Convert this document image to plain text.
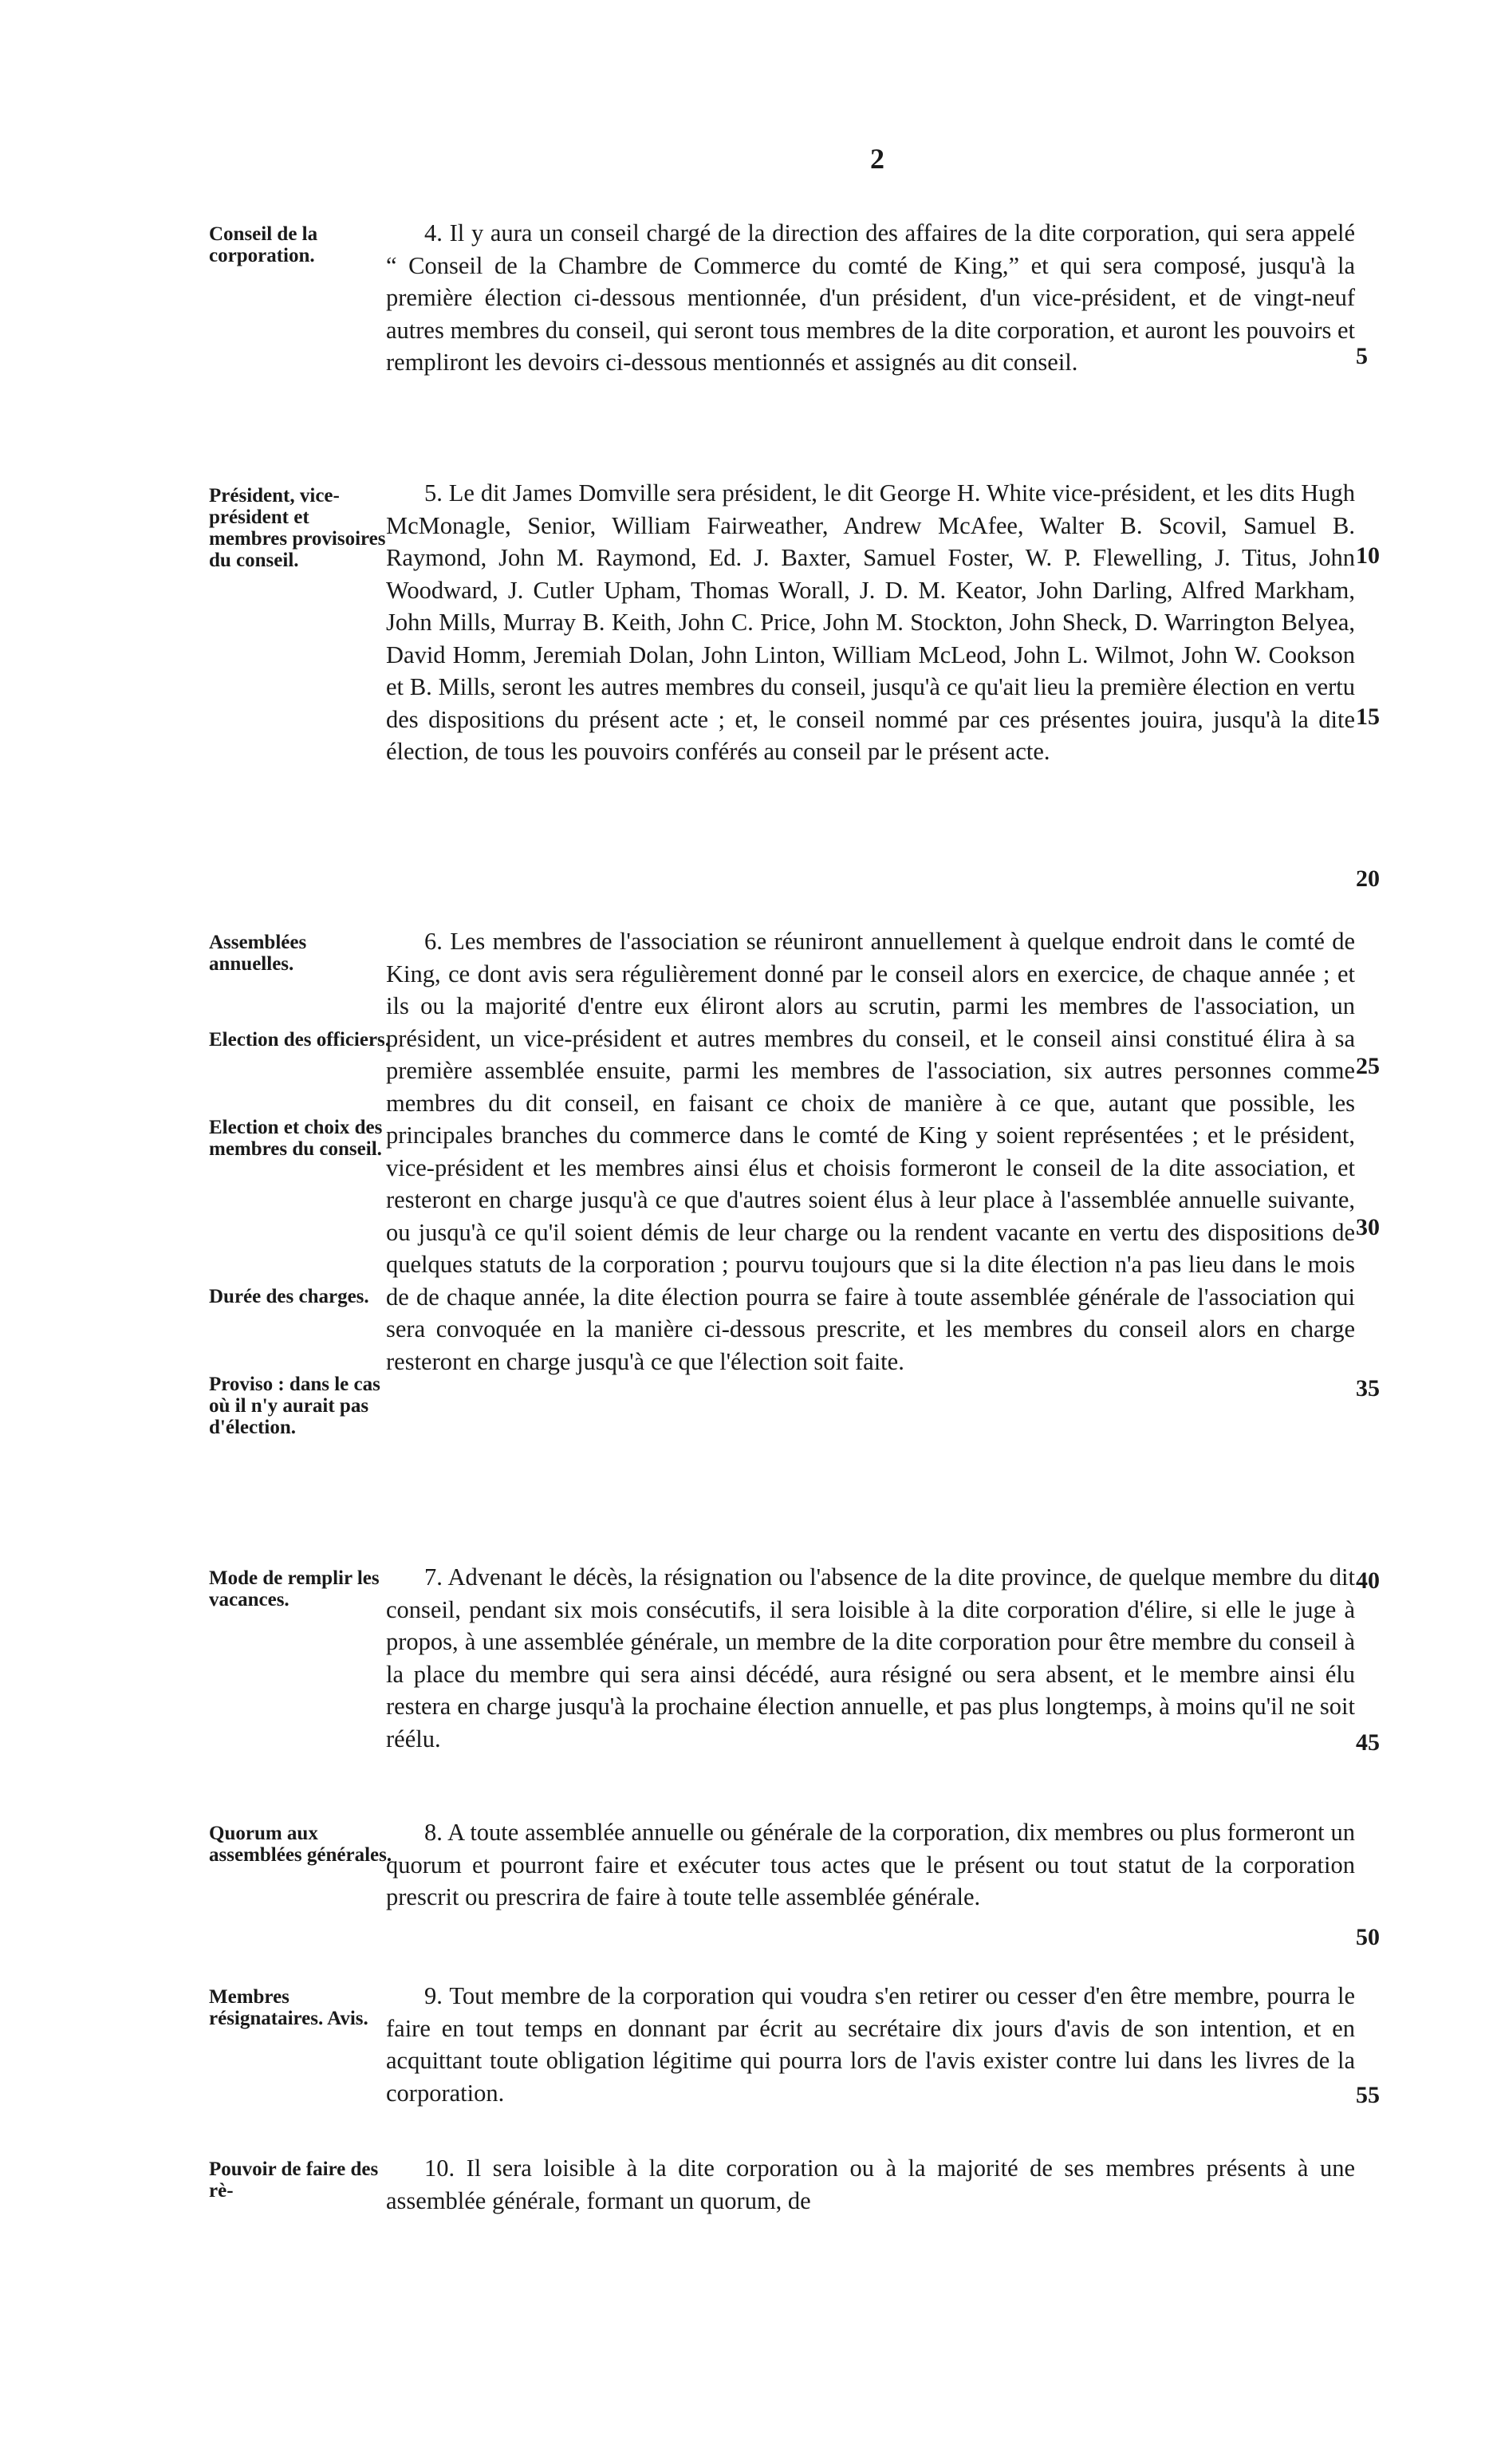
2
Conseil de la corporation.

4. Il y aura un conseil chargé de la direction des affaires de la dite corporation, qui sera appelé “ Conseil de la Chambre de Commerce du comté de King,” et qui sera composé, jusqu'à la première élection ci-dessous mentionnée, d'un président, d'un vice-président, et de vingt-neuf autres membres du conseil, qui seront tous membres de la dite corporation, et auront les pouvoirs et rempliront les devoirs ci-dessous mentionnés et assignés au dit conseil.

Président, vice-président et membres provisoires du conseil.

5. Le dit James Domville sera président, le dit George H. White vice-président, et les dits Hugh McMonagle, Senior, William Fairweather, Andrew McAfee, Walter B. Scovil, Samuel B. Raymond, John M. Raymond, Ed. J. Baxter, Samuel Foster, W. P. Flewelling, J. Titus, John Woodward, J. Cutler Upham, Thomas Worall, J. D. M. Keator, John Darling, Alfred Markham, John Mills, Murray B. Keith, John C. Price, John M. Stockton, John Sheck, D. Warrington Belyea, David Homm, Jeremiah Dolan, John Linton, William McLeod, John L. Wilmot, John W. Cookson et B. Mills, seront les autres membres du conseil, jusqu'à ce qu'ait lieu la première élection en vertu des dispositions du présent acte ; et, le conseil nommé par ces présentes jouira, jusqu'à la dite élection, de tous les pouvoirs conférés au conseil par le présent acte.

Assemblées annuelles.
Election des officiers.
Election et choix des membres du conseil.
Durée des charges.
Proviso : dans le cas où il n'y aurait pas d'élection.

6. Les membres de l'association se réuniront annuellement à quelque endroit dans le comté de King, ce dont avis sera régulièrement donné par le conseil alors en exercice, de chaque année ; et ils ou la majorité d'entre eux éliront alors au scrutin, parmi les membres de l'association, un président, un vice-président et autres membres du conseil, et le conseil ainsi constitué élira à sa première assemblée ensuite, parmi les membres de l'association, six autres personnes comme membres du dit conseil, en faisant ce choix de manière à ce que, autant que possible, les principales branches du commerce dans le comté de King y soient représentées ; et le président, vice-président et les membres ainsi élus et choisis formeront le conseil de la dite association, et resteront en charge jusqu'à ce que d'autres soient élus à leur place à l'assemblée annuelle suivante, ou jusqu'à ce qu'il soient démis de leur charge ou la rendent vacante en vertu des dispositions de quelques statuts de la corporation ; pourvu toujours que si la dite élection n'a pas lieu dans le mois de de chaque année, la dite élection pourra se faire à toute assemblée générale de l'association qui sera convoquée en la manière ci-dessous prescrite, et les membres du conseil alors en charge resteront en charge jusqu'à ce que l'élection soit faite.

Mode de remplir les vacances.

7. Advenant le décès, la résignation ou l'absence de la dite province, de quelque membre du dit conseil, pendant six mois consécutifs, il sera loisible à la dite corporation d'élire, si elle le juge à propos, à une assemblée générale, un membre de la dite corporation pour être membre du conseil à la place du membre qui sera ainsi décédé, aura résigné ou sera absent, et le membre ainsi élu restera en charge jusqu'à la prochaine élection annuelle, et pas plus longtemps, à moins qu'il ne soit réélu.

Quorum aux assemblées générales.

8. A toute assemblée annuelle ou générale de la corporation, dix membres ou plus formeront un quorum et pourront faire et exécuter tous actes que le présent ou tout statut de la corporation prescrit ou prescrira de faire à toute telle assemblée générale.

Membres résignataires. Avis.

9. Tout membre de la corporation qui voudra s'en retirer ou cesser d'en être membre, pourra le faire en tout temps en donnant par écrit au secrétaire dix jours d'avis de son intention, et en acquittant toute obligation légitime qui pourra lors de l'avis exister contre lui dans les livres de la corporation.

Pouvoir de faire des rè-

10. Il sera loisible à la dite corporation ou à la majorité de ses membres présents à une assemblée générale, formant un quorum, de

5
10
15
20
25
30
35
40
45
50
55
